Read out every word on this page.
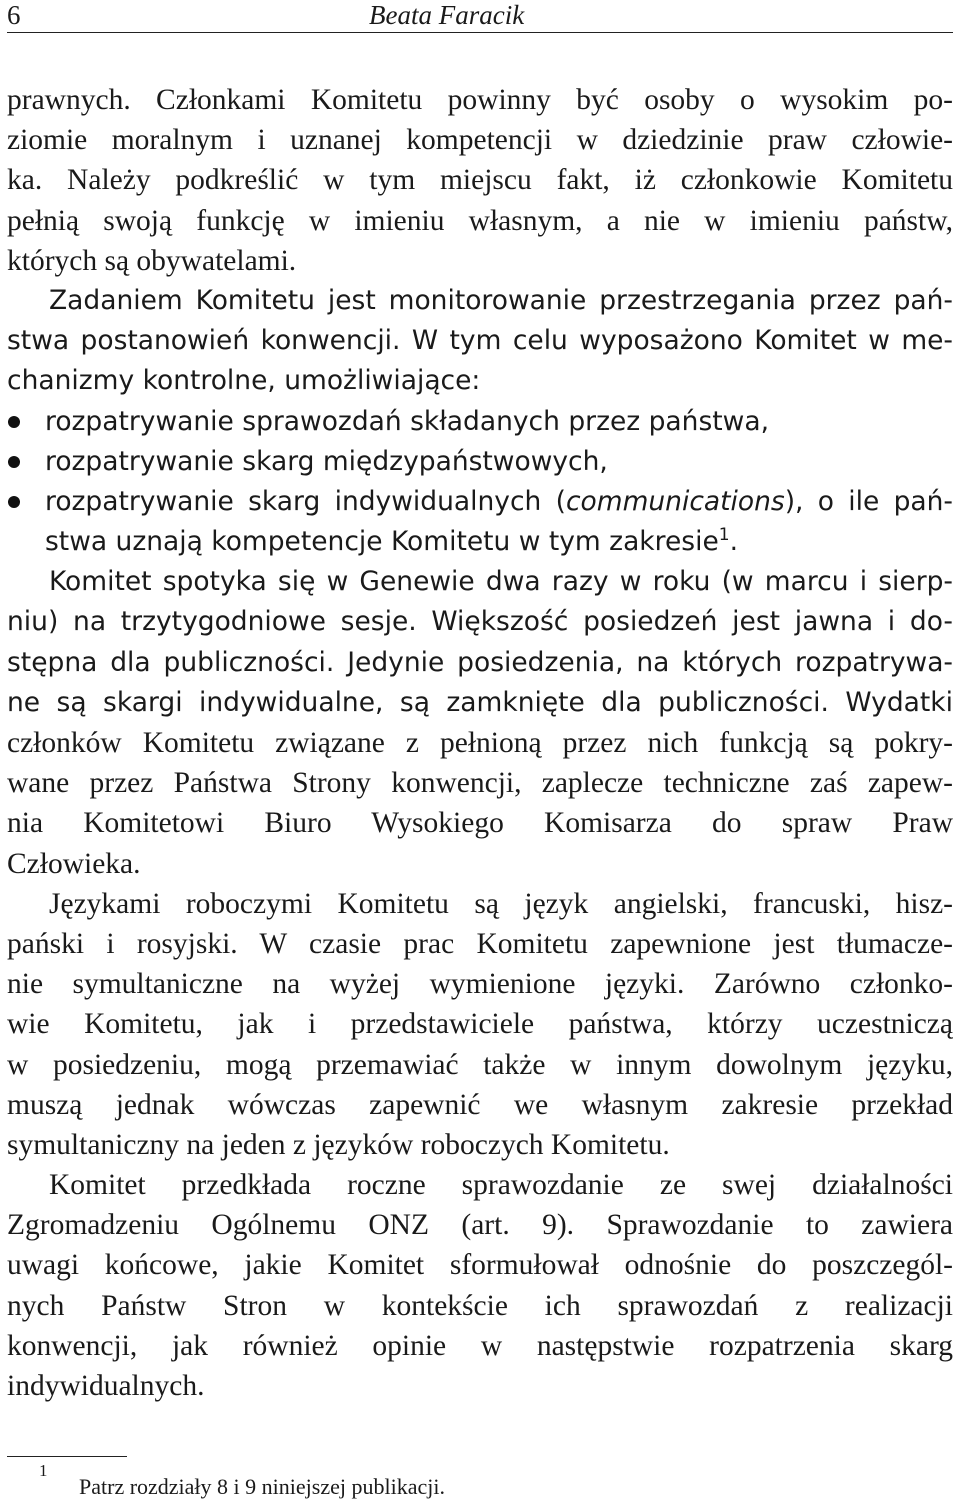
6	Beata Faracik
prawnych. Członkami Komitetu powinny być osoby o wysokim po-
ziomie moralnym i uznanej kompetencji w dziedzinie praw człowie-
ka. Należy podkreślić w tym miejscu fakt, iż członkowie Komitetu
pełnią swoją funkcję w imieniu własnym, a nie w imieniu państw,
których są obywatelami.
Zadaniem Komitetu jest monitorowanie przestrzegania przez pań-
stwa postanowień konwencji. W tym celu wyposażono Komitet w me-
chanizmy kontrolne, umożliwiające:
rozpatrywanie sprawozdań składanych przez państwa,
rozpatrywanie skarg międzypaństwowych,
rozpatrywanie skarg indywidualnych (communications), o ile pań-
stwa uznają kompetencje Komitetu w tym zakresie$^1$.
Komitet spotyka się w Genewie dwa razy w roku (w marcu i sierp-
niu) na trzytygodniowe sesje. Większość posiedzeń jest jawna i do-
stępna dla publiczności. Jedynie posiedzenia, na których rozpatrywa-
ne są skargi indywidualne, są zamknięte dla publiczności. Wydatki
członków Komitetu związane z pełnioną przez nich funkcją są pokry-
wane przez Państwa Strony konwencji, zaplecze techniczne zaś zapew-
nia Komitetowi Biuro Wysokiego Komisarza do spraw Praw
Człowieka.
Językami roboczymi Komitetu są język angielski, francuski, hisz-
pański i rosyjski. W czasie prac Komitetu zapewnione jest tłumacze-
nie symultaniczne na wyżej wymienione języki. Zarówno członko-
wie Komitetu, jak i przedstawiciele państwa, którzy uczestniczą
w posiedzeniu, mogą przemawiać także w innym dowolnym języku,
muszą jednak wówczas zapewnić we własnym zakresie przekład
symultaniczny na jeden z języków roboczych Komitetu.
Komitet przedkłada roczne sprawozdanie ze swej działalności
Zgromadzeniu Ogólnemu ONZ (art. 9). Sprawozdanie to zawiera
uwagi końcowe, jakie Komitet sformułował odnośnie do poszczegól-
nych Państw Stron w kontekście ich sprawozdań z realizacji
konwencji, jak również opinie w następstwie rozpatrzenia skarg
indywidualnych.
1
Patrz rozdziały 8 i 9 niniejszej publikacji.
